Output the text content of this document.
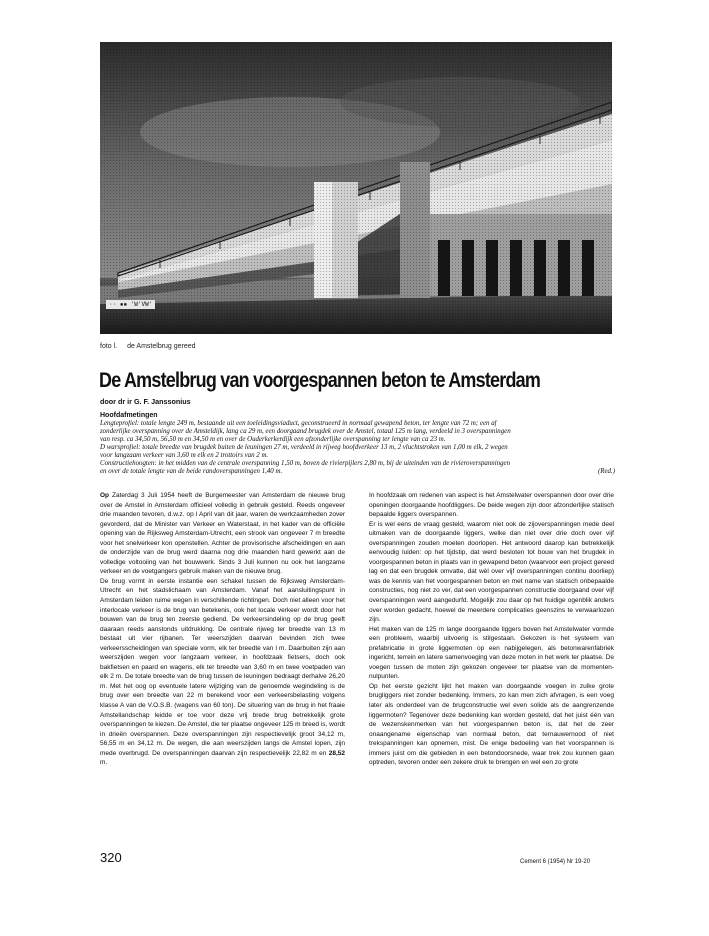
·· ▪▪ 'W'VW'
foto l. de Amstelbrug gereed
De Amstelbrug van voorgespannen beton te Amsterdam
door dr ir G. F. Janssonius
Hoofdafmetingen
Lengteprofiel: totale lengte 249 m, bestaande uit een toeleidingsviaduct, geconstrueerd in normaal gewapend beton, ter lengte van 72 m; een af
zonderlijke overspanning over de Amsteldijk, lang ca 29 m, een doorgaand brugdek over de Amstel, totaal 125 m lang, verdeeld in 3 overspanningen
van resp. ca 34,50 m, 56,50 m en 34,50 m en over de Ouderkerkerdijk een afzonderlijke overspanning ter lengte van ca 23 m.
D warsprofiel: totale breedte van brugdek buiten de leuningen 27 m, verdeeld in rijweg hoofdverkeer 13 m, 2 vluchtstroken van 1,00 m elk, 2 wegen
voor langzaam verkeer van 3,60 m elk en 2 trottoirs van 2 m.
Constructiehoogten: in het midden van de centrale overspanning 1,50 m, boven de rivierpijlers 2,80 m, bij de uiteinden van de rivieroverspanningen
en over de totale lengte van de beide randoverspanningen 1,40 m.	(Red.)

Op Zaterdag 3 Juli 1954 heeft de Burgemeester van Amsterdam de nieuwe brug over de Amstel in Amsterdam officieel volledig in gebruik gesteld. Reeds ongeveer drie maanden tevoren, d.w.z. op l April van dit jaar, waren de werkzaamheden zover gevorderd, dat de Minister van Verkeer en Waterstaat, in het kader van de officiële opening van de Rijksweg Amsterdam-Utrecht, een strook van ongeveer 7 m breedte voor het snelverkeer kon openstellen. Achter de provisorische afscheidingen en aan de onderzijde van de brug werd daarna nog drie maanden hard gewerkt aan de volledige voltooiing van het bouwwerk. Sinds 3 Juli kunnen nu ook het langzame verkeer en de voetgangers gebruik maken van de nieuwe brug.

De brug vormt in eerste instantie een schakel tussen de Rijksweg Amsterdam-Utrecht en het stadslichaam van Amsterdam. Vanaf het aansluitingspunt in Amsterdam leiden ruime wegen in verschillende richtingen. Doch niet alleen voor het interlocale verkeer is de brug van betekenis, ook het locale verkeer wordt door het bouwen van de brug ten zeerste gediend. De verkeersindeling op de brug geeft daaraan reeds aanstonds uitdrukking. De centrale rijweg ter breedte van 13 m bestaat uit vier rijbanen. Ter weerszijden daarvan bevinden zich twee verkeersscheidingen van speciale vorm, elk ter breedte van l m. Daarbuiten zijn aan weerszijden wegen voor langzaam verkeer, in hoofdzaak fietsers, doch ook bakfietsen en paard en wagens, elk ter breedte van 3,60 m en twee voetpaden van elk 2 m. De totale breedte van de brug tussen de leuningen bedraagt derhalve 26,20 m. Met het oog op eventuele latere wijziging van de genoemde wegindeling is de brug over een breedte van 22 m berekend voor een verkeersbelasting volgens klasse A van de V.O.S.B. (wagens van 60 ton). De situering van de brug in het fraaie Amstellandschap leidde er toe voor deze vrij brede brug betrekkelijk grote overspanningen te kiezen. De Amstel, die ter plaatse ongeveer 125 m breed is, wordt in drieën overspannen. Deze overspanningen zijn respectievelijk groot 34,12 m, 56,55 m en 34,12 m. De wegen, die aan weerszijden langs de Amstel lopen, zijn mede overbrugd. De overspanningen daarvan zijn respectievelijk 22,82 m en 28,52 m.

In hoofdzaak om redenen van aspect is het Amstelwater overspannen door over drie openingen doorgaande hoofdliggers. De beide wegen zijn door afzonderlijke statisch bepaalde liggers overspannen.

Er is wel eens de vraag gesteld, waarom niet ook de zijoverspanningen mede deel uitmaken van de doorgaande liggers, welke dan niet over drie doch over vijf overspanningen zouden moeten doorlopen. Het antwoord daarop kan betrekkelijk eenvoudig luiden: op het tijdstip, dat werd besloten tot bouw van het brugdek in voorgespannen beton in plaats van in gewapend beton (waarvoor een project gereed lag en dat een brugdek omvatte, dat wèl over vijf overspanningen continu doorliep) was de kennis van het voorgespannen beton en met name van statisch onbepaalde constructies, nog niet zo ver, dat een voorgespannen constructie doorgaand over vijf overspanningen werd aangedurfd. Mogelijk zou daar op het huidige ogenblik anders over worden gedacht, hoewel de meerdere complicaties geenszins te verwaarlozen zijn.

Het maken van de 125 m lange doorgaande liggers boven het Amstelwater vormde een probleem, waarbij uitvoerig is stilgestaan. Gekozen is het systeem van prefabricatie in grote liggermoten op een nabijgelegen, als betonwarenfabriek ingericht, terrein en latere samenvoeging van deze moten in het werk ter plaatse. De voegen tussen de moten zijn gekozen ongeveer ter plaatse van de momenten-nulpunten.

Op het eerste gezicht lijkt het maken van doorgaande voegen in zulke grote brugliggers niet zonder bedenking. Immers, zo kan men zich afvragen, is een voeg later als onderdeel van de brugconstructie wel even solide als de aangrenzende liggermoten? Tegenover deze bedenking kan worden gesteld, dat het juist één van de wezenskenmerken van het voorgespannen beton is, dat het de zeer onaangename eigenschap van normaal beton, dat ternauwernood of niet trekspanningen kan opnemen, mist. De enige bedoeling van het voorspannen is immers juist om die gebieden in een betondoorsnede, waar trek zou kunnen gaan optreden, tevoren onder een zekere druk te brengen en wel een zo grote

320	Cement 6 (1954) Nr 19-20
